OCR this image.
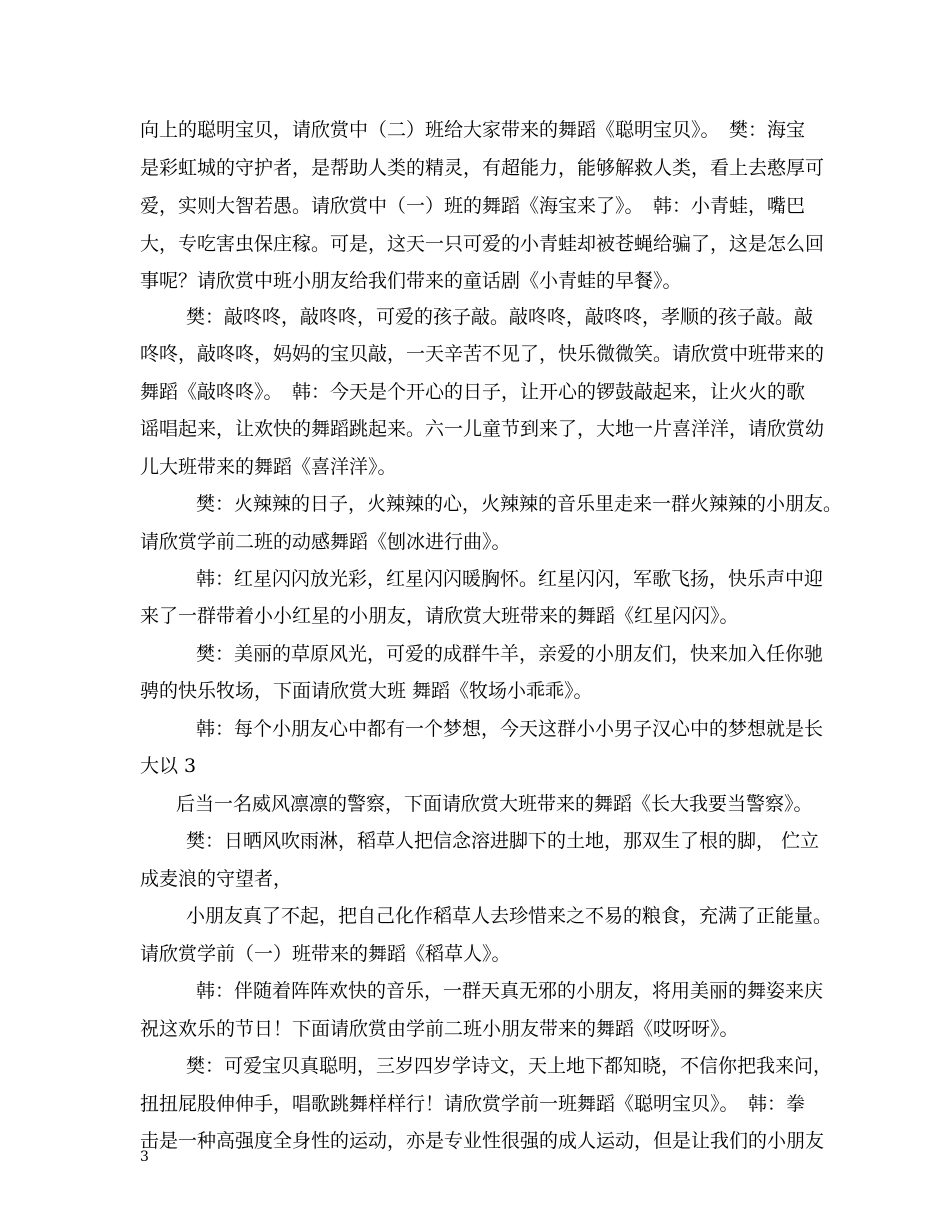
向上的聪明宝贝，请欣赏中（二）班给大家带来的舞蹈《聪明宝贝》。　樊：海宝
是彩虹城的守护者，是帮助人类的精灵，有超能力，能够解救人类，看上去憨厚可
爱，实则大智若愚。请欣赏中（一）班的舞蹈《海宝来了》。　韩：小青蛙，嘴巴
大，专吃害虫保庄稼。可是，这天一只可爱的小青蛙却被苍蝇给骗了，这是怎么回
事呢？请欣赏中班小朋友给我们带来的童话剧《小青蛙的早餐》。
樊：敲咚咚，敲咚咚，可爱的孩子敲。敲咚咚，敲咚咚，孝顺的孩子敲。敲
咚咚，敲咚咚，妈妈的宝贝敲，一天辛苦不见了，快乐微微笑。请欣赏中班带来的
舞蹈《敲咚咚》。　韩：今天是个开心的日子，让开心的锣鼓敲起来，让火火的歌
谣唱起来，让欢快的舞蹈跳起来。六一儿童节到来了，大地一片喜洋洋，请欣赏幼
儿大班带来的舞蹈《喜洋洋》。
樊：火辣辣的日子，火辣辣的心，火辣辣的音乐里走来一群火辣辣的小朋友。
请欣赏学前二班的动感舞蹈《刨冰进行曲》。
韩：红星闪闪放光彩，红星闪闪暖胸怀。红星闪闪，军歌飞扬，快乐声中迎
来了一群带着小小红星的小朋友，请欣赏大班带来的舞蹈《红星闪闪》。
樊：美丽的草原风光，可爱的成群牛羊，亲爱的小朋友们，快来加入任你驰
骋的快乐牧场，下面请欣赏大班 舞蹈《牧场小乖乖》。
韩：每个小朋友心中都有一个梦想，今天这群小小男子汉心中的梦想就是长
大以 3
后当一名威风凛凛的警察，下面请欣赏大班带来的舞蹈《长大我要当警察》。
樊：日晒风吹雨淋，稻草人把信念溶进脚下的土地，那双生了根的脚， 伫立
成麦浪的守望者，
小朋友真了不起，把自己化作稻草人去珍惜来之不易的粮食，充满了正能量。
请欣赏学前（一）班带来的舞蹈《稻草人》。
韩：伴随着阵阵欢快的音乐，一群天真无邪的小朋友，将用美丽的舞姿来庆
祝这欢乐的节日！下面请欣赏由学前二班小朋友带来的舞蹈《哎呀呀》。
樊：可爱宝贝真聪明，三岁四岁学诗文，天上地下都知晓，不信你把我来问，
扭扭屁股伸伸手，唱歌跳舞样样行！请欣赏学前一班舞蹈《聪明宝贝》。　韩：拳
击是一种高强度全身性的运动，亦是专业性很强的成人运动，但是让我们的小朋友
3
